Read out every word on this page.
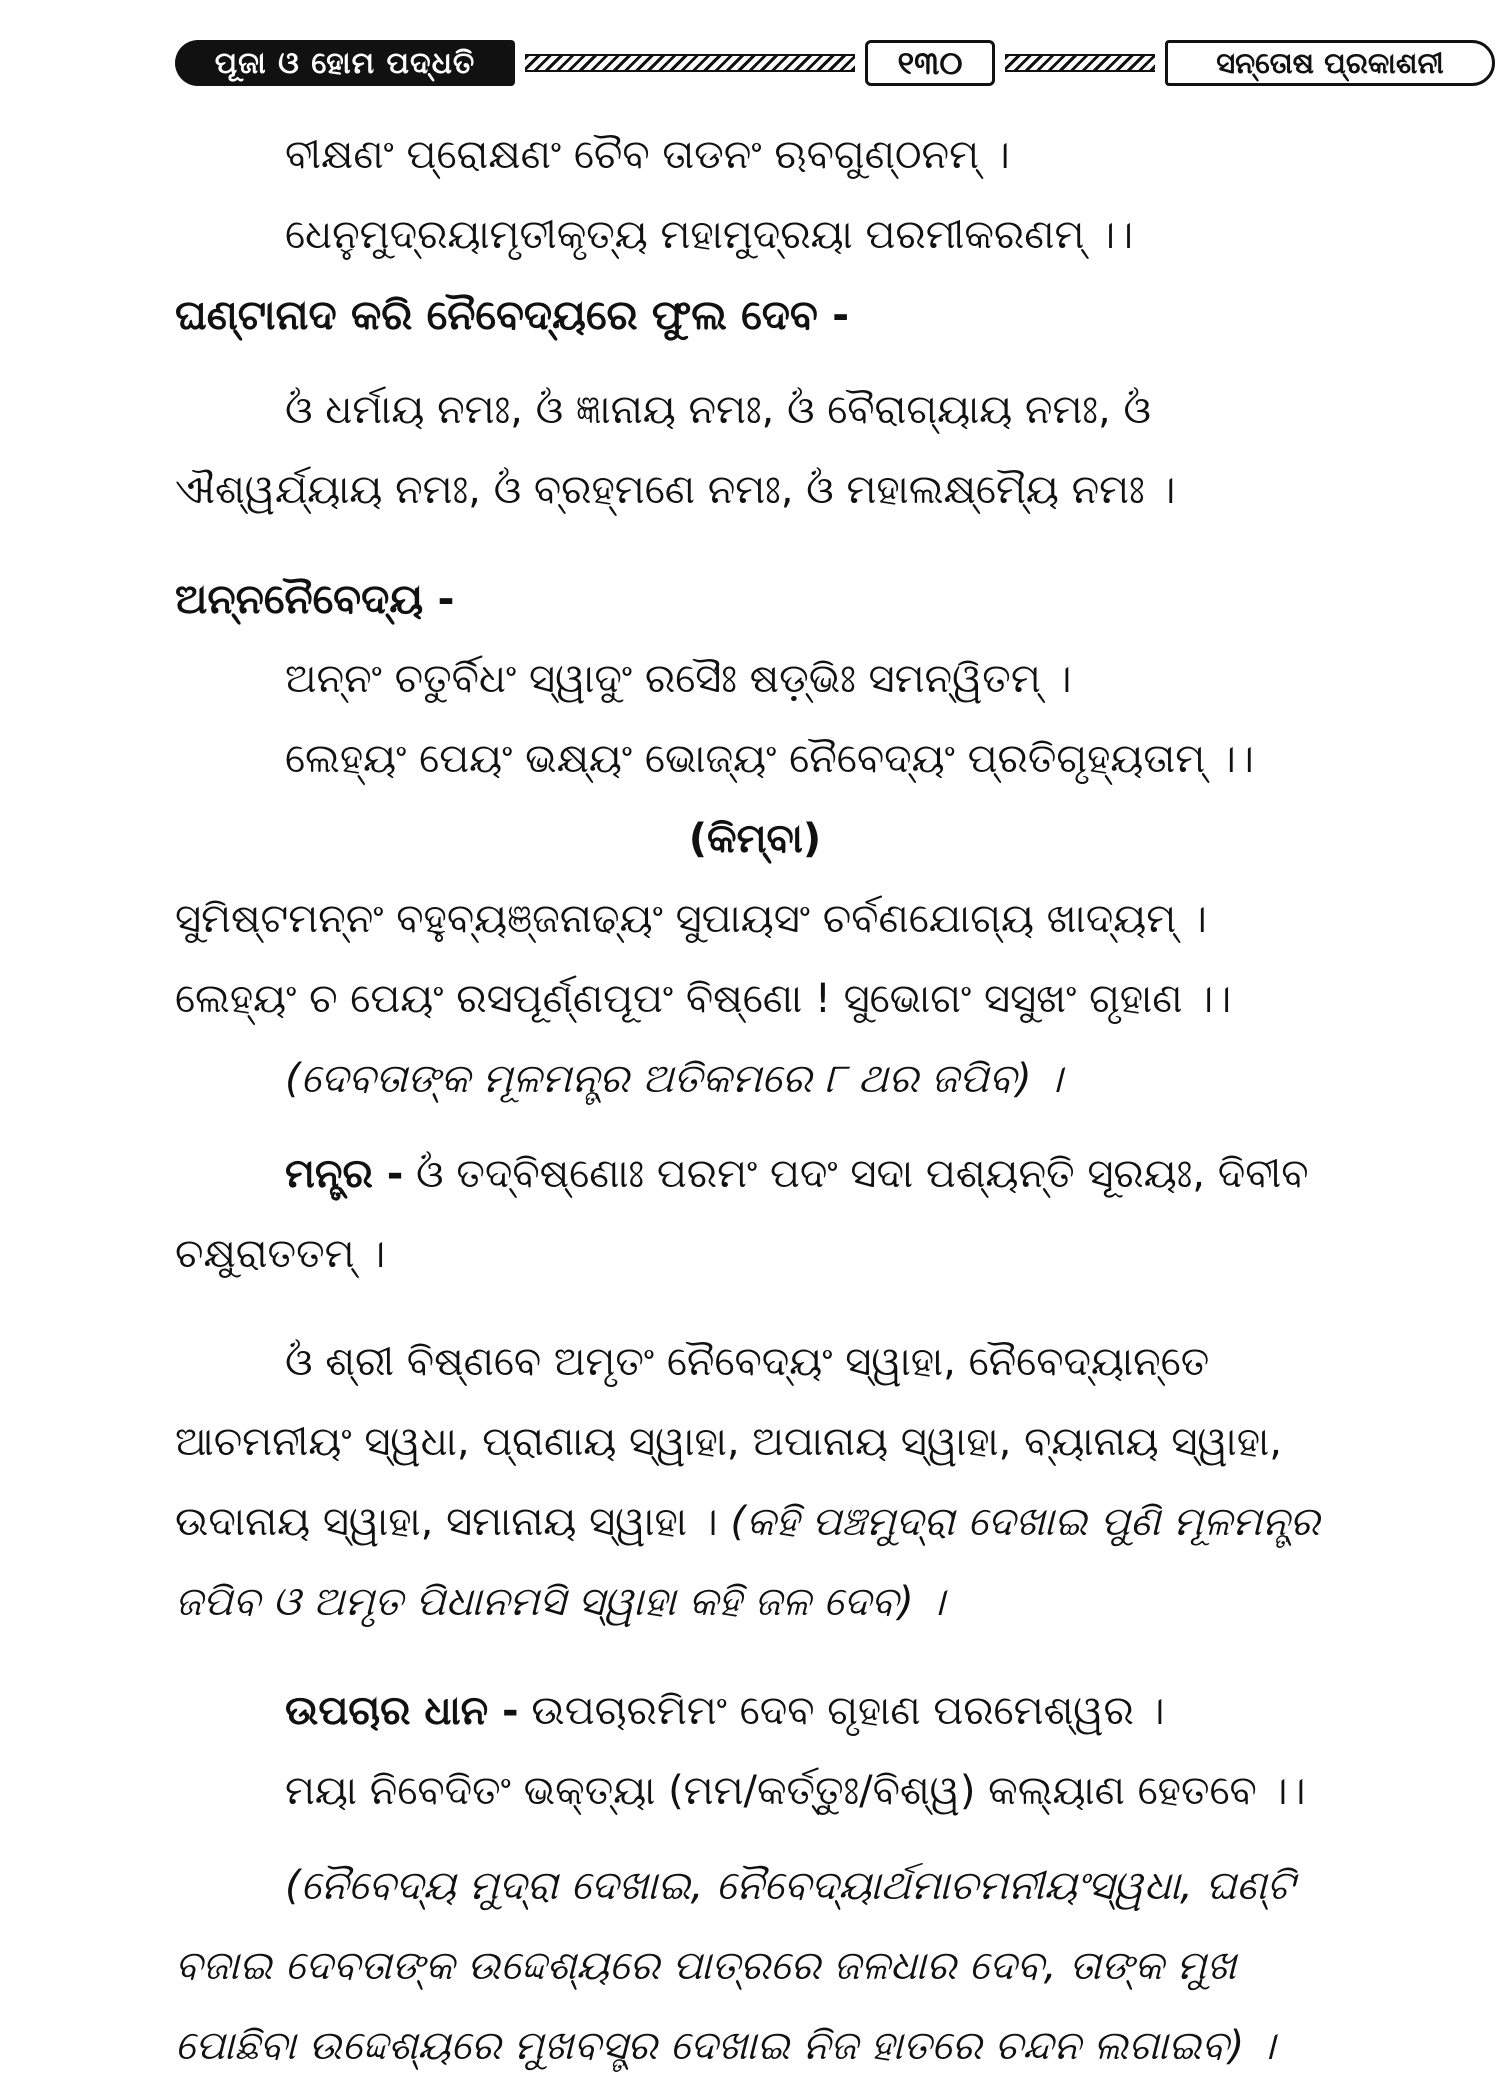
ପୂଜା ଓ ହୋମ ପଦ୍ଧତି	୧୩୦	ସନ୍ତୋଷ ପ୍ରକାଶନୀ
ବୀକ୍ଷଣଂ ପ୍ରୋକ୍ଷଣଂ ଚୈବ ତାଡନଂ ଋବଗୁଣ୍ଠନମ୍ ।
ଧେନୁମୁଦ୍ରୟାମୃତୀକୃତ୍ୟ ମହାମୁଦ୍ରୟା ପରମୀକରଣମ୍ ।।
ଘଣ୍ଟାନାଦ କରି ନୈବେଦ୍ୟରେ ଫୁଲ ଦେବ -
ଓଁ ଧର୍ମାୟ ନମଃ, ଓଁ ଜ୍ଞାନାୟ ନମଃ, ଓଁ ବୈରାଗ୍ୟାୟ ନମଃ, ଓଁ ଐଶ୍ୱର୍ଯ୍ୟାୟ ନମଃ, ଓଁ ବ୍ରହ୍ମଣେ ନମଃ, ଓଁ ମହାଲକ୍ଷ୍ମ୍ୟୈ ନମଃ ।
ଅନ୍ନନୈବେଦ୍ୟ -
ଅନ୍ନଂ ଚତୁର୍ବିଧଂ ସ୍ୱାଦୁଂ ରସୈଃ ଷଡ଼୍‌ଭିଃ ସମନ୍ୱିତମ୍ ।
ଲେହ୍ୟଂ ପେୟଂ ଭକ୍ଷ୍ୟଂ ଭୋଜ୍ୟଂ ନୈବେଦ୍ୟଂ ପ୍ରତିଗୃହ୍ୟତାମ୍ ।।
(କିମ୍ବା)
ସୁମିଷ୍ଟମନ୍ନଂ ବହୁବ୍ୟଞ୍ଜନାଢ୍ୟଂ ସୁପାୟସଂ ଚର୍ବଣଯୋଗ୍ୟ ଖାଦ୍ୟମ୍ ।
ଲେହ୍ୟଂ ଚ ପେୟଂ ରସପୂର୍ଣ୍ଣପୂପଂ ବିଷ୍ଣୋ ! ସୁଭୋଗଂ ସସୁଖଂ ଗୃହାଣ ।।
(ଦେବତାଙ୍କ ମୂଳମନ୍ତ୍ର ଅତିକମରେ ୮ ଥର ଜପିବ) ।
ମନ୍ତ୍ର - ଓଁ ତଦ୍‌ବିଷ୍ଣୋଃ ପରମଂ ପଦଂ ସଦା ପଶ୍ୟନ୍ତି ସୂରୟଃ, ଦିବୀବ ଚକ୍ଷୁରାତତମ୍ ।
ଓଁ ଶ୍ରୀ ବିଷ୍ଣବେ ଅମୃତଂ ନୈବେଦ୍ୟଂ ସ୍ୱାହା, ନୈବେଦ୍ୟାନ୍ତେ ଆଚମନୀୟଂ ସ୍ୱଧା, ପ୍ରାଣାୟ ସ୍ୱାହା, ଅପାନାୟ ସ୍ୱାହା, ବ୍ୟାନାୟ ସ୍ୱାହା, ଉଦାନାୟ ସ୍ୱାହା, ସମାନାୟ ସ୍ୱାହା । (କହି ପଞ୍ଚମୁଦ୍ରା ଦେଖାଇ ପୁଣି ମୂଳମନ୍ତ୍ର ଜପିବ ଓ ଅମୃତ ପିଧାନମସି ସ୍ୱାହା କହି ଜଳ ଦେବ) ।
ଉପଚାର ଧାନ - ଉପଚାରମିମଂ ଦେବ ଗୃହାଣ ପରମେଶ୍ୱର ।
ମୟା ନିବେଦିତଂ ଭକ୍ତ୍ୟା (ମମ/କର୍ତ୍ତୁଃ/ବିଶ୍ୱ) କଲ୍ୟାଣ ହେତବେ ।।
(ନୈବେଦ୍ୟ ମୁଦ୍ରା ଦେଖାଇ, ନୈବେଦ୍ୟାର୍ଥମାଚମନୀୟଂସ୍ୱଧା, ଘଣ୍ଟି ବଜାଇ ଦେବତାଙ୍କ ଉଦ୍ଦେଶ୍ୟରେ ପାତ୍ରରେ ଜଳଧାର ଦେବ, ତାଙ୍କ ମୁଖ ପୋଛିବା ଉଦ୍ଦେଶ୍ୟରେ ମୁଖବସ୍ତ୍ର ଦେଖାଇ ନିଜ ହାତରେ ଚନ୍ଦନ ଲଗାଇବ) ।
